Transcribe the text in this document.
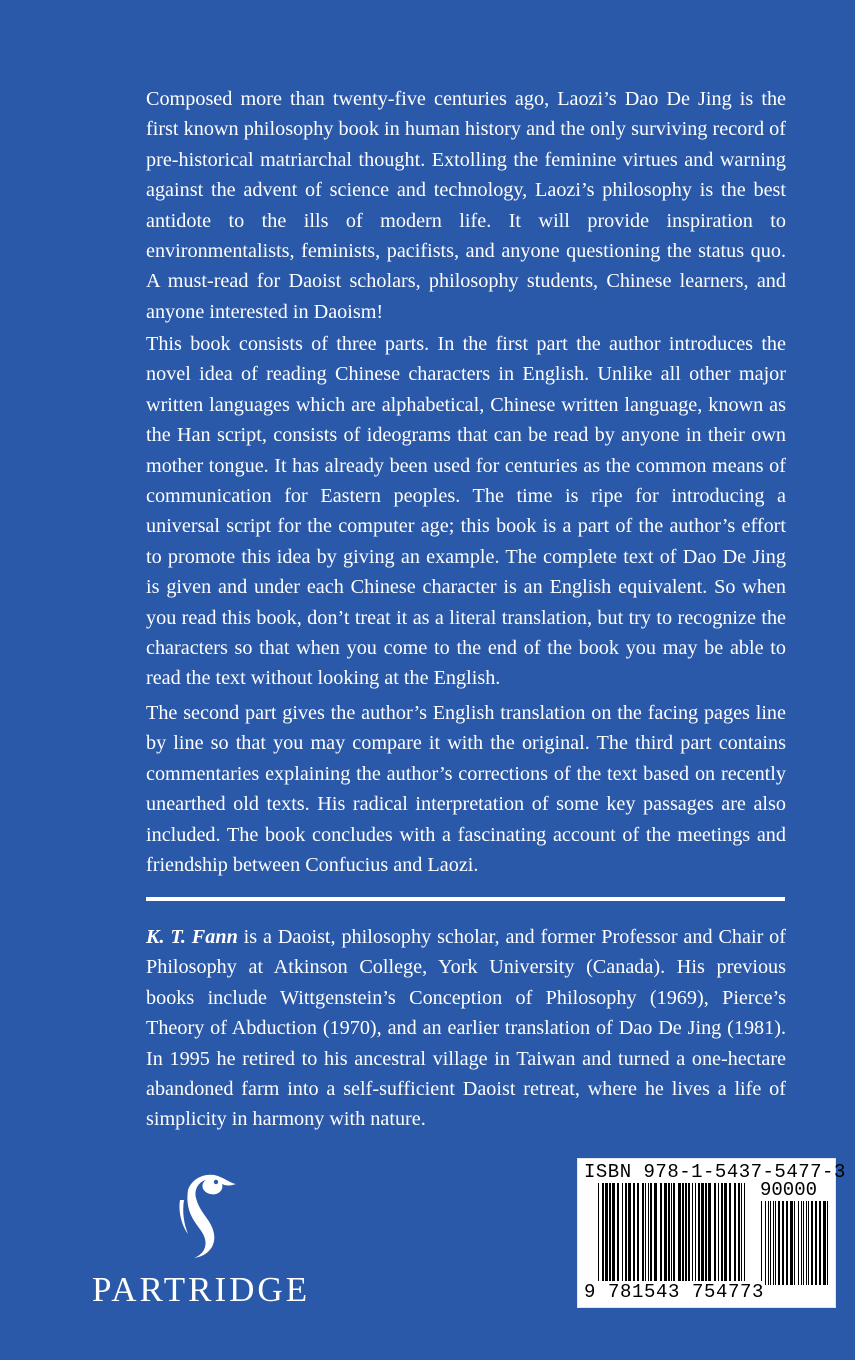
Composed more than twenty-five centuries ago, Laozi’s Dao De Jing is the first known philosophy book in human history and the only surviving record of pre-historical matriarchal thought. Extolling the feminine virtues and warning against the advent of science and technology, Laozi’s philosophy is the best antidote to the ills of modern life. It will provide inspiration to environmentalists, feminists, pacifists, and anyone questioning the status quo. A must-read for Daoist scholars, philosophy students, Chinese learners, and anyone interested in Daoism!

This book consists of three parts. In the first part the author introduces the novel idea of reading Chinese characters in English. Unlike all other major written languages which are alphabetical, Chinese written language, known as the Han script, consists of ideograms that can be read by anyone in their own mother tongue. It has already been used for centuries as the common means of communication for Eastern peoples. The time is ripe for introducing a universal script for the computer age; this book is a part of the author’s effort to promote this idea by giving an example. The complete text of Dao De Jing is given and under each Chinese character is an English equivalent. So when you read this book, don’t treat it as a literal translation, but try to recognize the characters so that when you come to the end of the book you may be able to read the text without looking at the English.

The second part gives the author’s English translation on the facing pages line by line so that you may compare it with the original. The third part contains commentaries explaining the author’s corrections of the text based on recently unearthed old texts. His radical interpretation of some key passages are also included. The book concludes with a fascinating account of the meetings and friendship between Confucius and Laozi.

K. T. Fann is a Daoist, philosophy scholar, and former Professor and Chair of Philosophy at Atkinson College, York University (Canada). His previous books include Wittgenstein’s Conception of Philosophy (1969), Pierce’s Theory of Abduction (1970), and an earlier translation of Dao De Jing (1981). In 1995 he retired to his ancestral village in Taiwan and turned a one-hectare abandoned farm into a self-sufficient Daoist retreat, where he lives a life of simplicity in harmony with nature.

PARTRIDGE
ISBN 978-1-5437-5477-3
90000
9 781543 754773
